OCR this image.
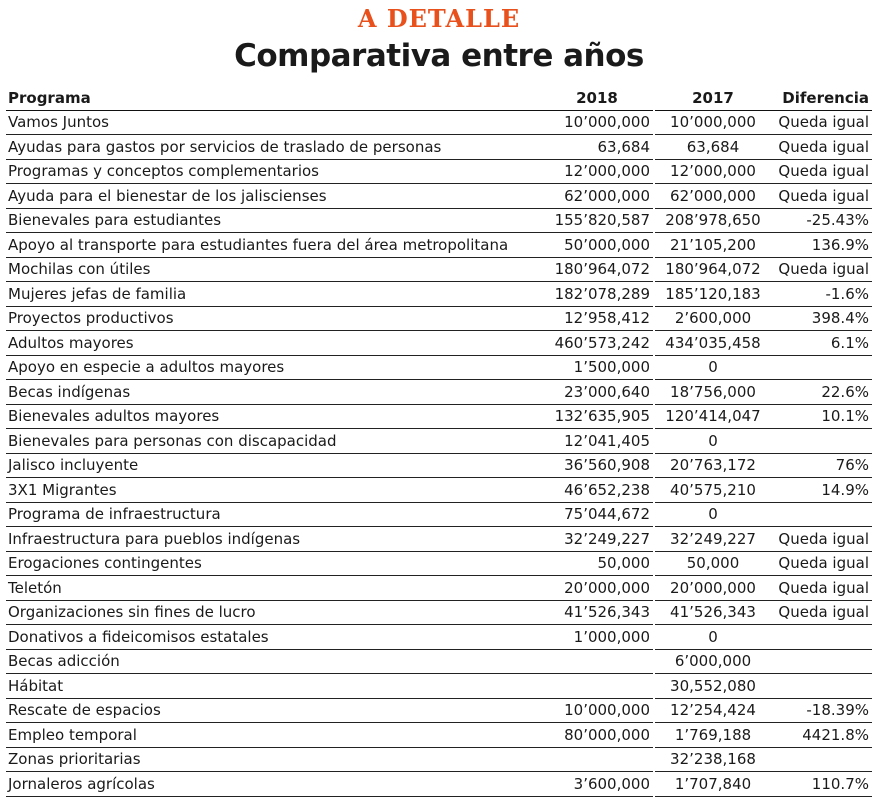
A DETALLE
Comparativa entre años
Programa	2018	2017	Diferencia
Vamos Juntos	10’000,000	10’000,000	Queda igual
Ayudas para gastos por servicios de traslado de personas	63,684	63,684	Queda igual
Programas y conceptos complementarios	12’000,000	12’000,000	Queda igual
Ayuda para el bienestar de los jaliscienses	62’000,000	62’000,000	Queda igual
Bienevales para estudiantes	155’820,587	208’978,650	-25.43%
Apoyo al transporte para estudiantes fuera del área metropolitana	50’000,000	21’105,200	136.9%
Mochilas con útiles	180’964,072	180’964,072	Queda igual
Mujeres jefas de familia	182’078,289	185’120,183	-1.6%
Proyectos productivos	12’958,412	2’600,000	398.4%
Adultos mayores	460’573,242	434’035,458	6.1%
Apoyo en especie a adultos mayores	1’500,000	0	
Becas indígenas	23’000,640	18’756,000	22.6%
Bienevales adultos mayores	132’635,905	120’414,047	10.1%
Bienevales para personas con discapacidad	12’041,405	0	
Jalisco incluyente	36’560,908	20’763,172	76%
3X1 Migrantes	46’652,238	40’575,210	14.9%
Programa de infraestructura	75’044,672	0	
Infraestructura para pueblos indígenas	32’249,227	32’249,227	Queda igual
Erogaciones contingentes	50,000	50,000	Queda igual
Teletón	20’000,000	20’000,000	Queda igual
Organizaciones sin fines de lucro	41’526,343	41’526,343	Queda igual
Donativos a fideicomisos estatales	1’000,000	0	
Becas adicción		6’000,000	
Hábitat		30,552,080	
Rescate de espacios	10’000,000	12’254,424	-18.39%
Empleo temporal	80’000,000	1’769,188	4421.8%
Zonas prioritarias		32’238,168	
Jornaleros agrícolas	3’600,000	1’707,840	110.7%
